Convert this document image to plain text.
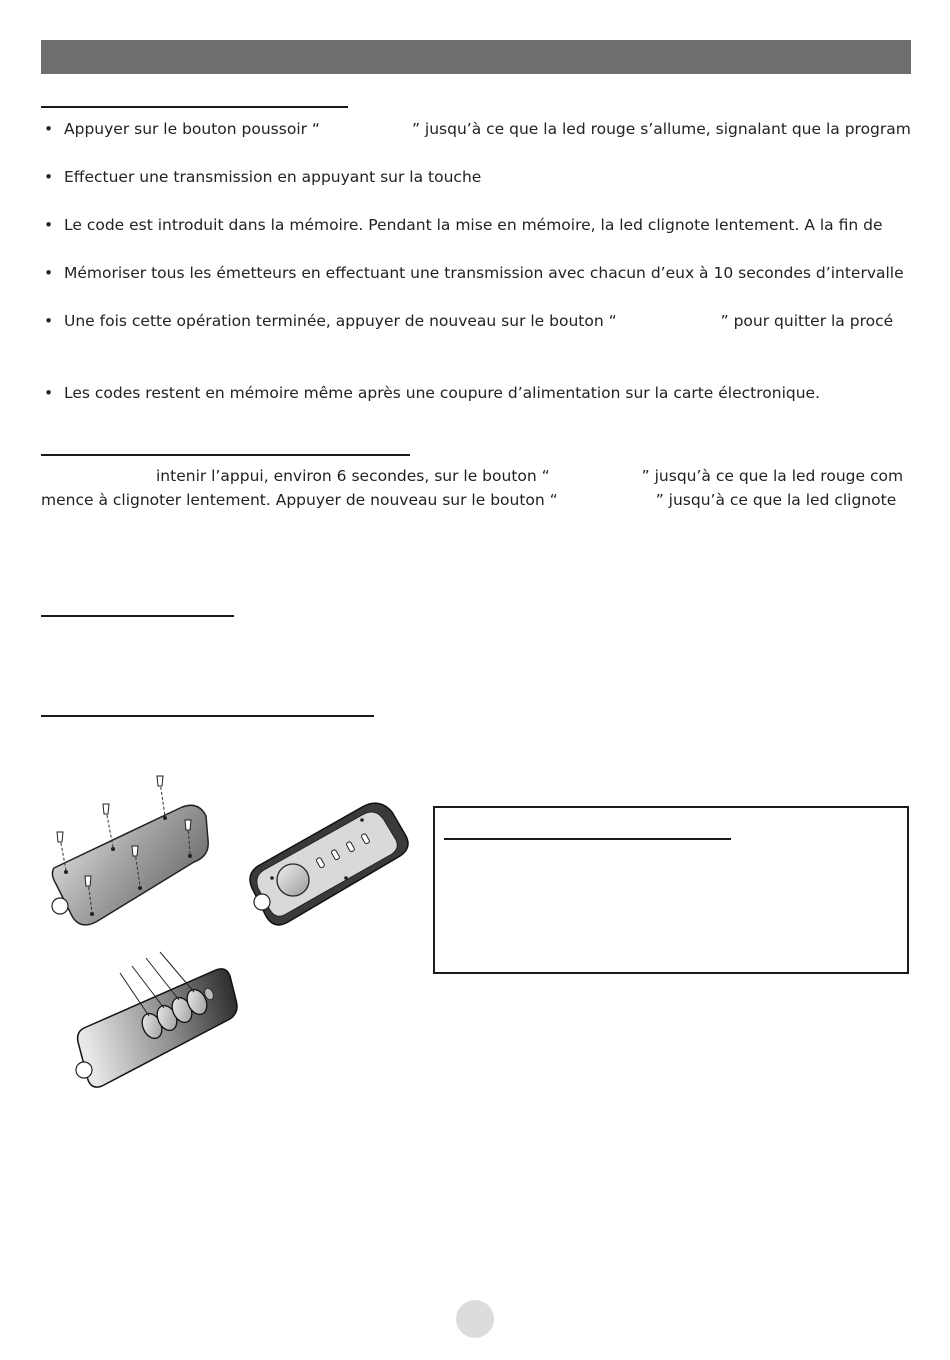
• Appuyer sur le bouton poussoir “	” jusqu’à ce que la led rouge s’allume, signalant que la program
• Effectuer une transmission en appuyant sur la touche
• Le code est introduit dans la mémoire. Pendant la mise en mémoire, la led clignote lentement. A la fin de
• Mémoriser tous les émetteurs en effectuant une transmission avec chacun d’eux à 10 secondes d’intervalle
• Une fois cette opération terminée, appuyer de nouveau sur le bouton “	” pour quitter la procé
• Les codes restent en mémoire même après une coupure d’alimentation sur la carte électronique.
intenir l’appui, environ 6 secondes, sur le bouton “	” jusqu’à ce que la led rouge com
mence à clignoter lentement. Appuyer de nouveau sur le bouton “	” jusqu’à ce que la led clignote
